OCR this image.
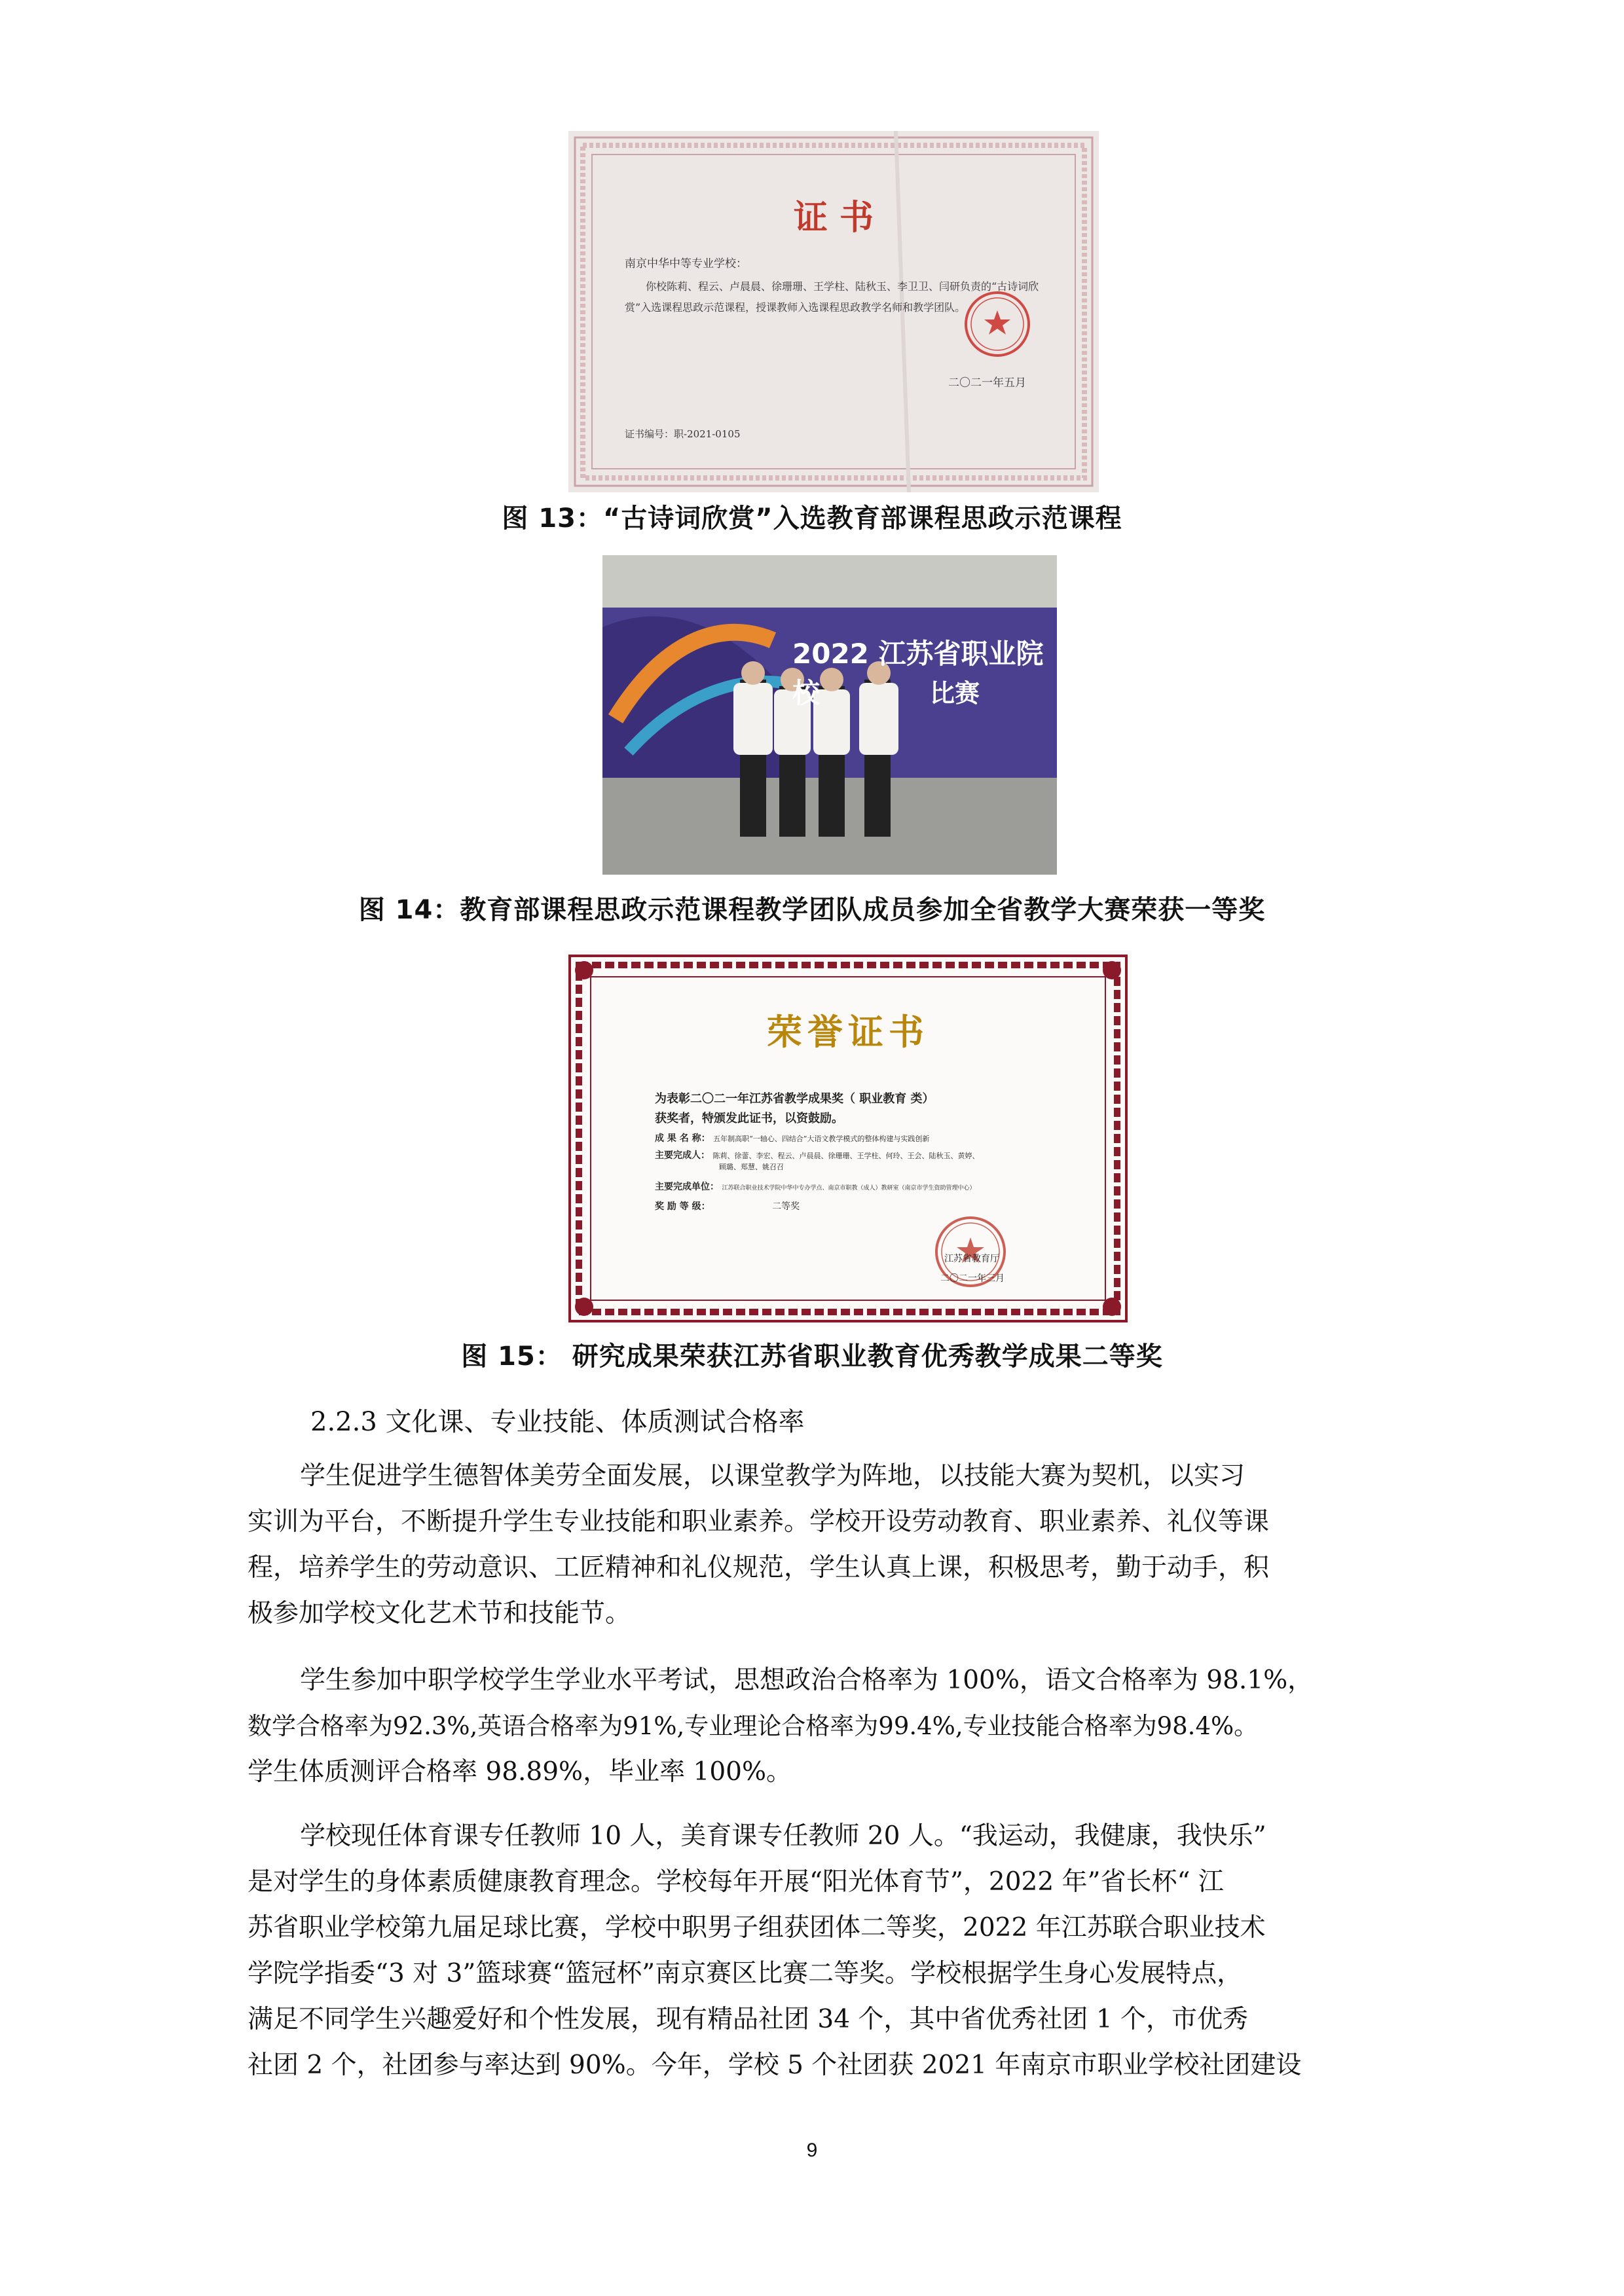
证 书
南京中华中等专业学校：
你校陈莉、程云、卢晨晨、徐珊珊、王学柱、陆秋玉、李卫卫、闫研负责的“古诗词欣赏”入选课程思政示范课程，授课教师入选课程思政教学名师和教学团队。
二〇二一年五月
证书编号：职-2021-0105
图 13：“古诗词欣赏”入选教育部课程思政示范课程
2022 江苏省职业院校	比赛
图 14：教育部课程思政示范课程教学团队成员参加全省教学大赛荣获一等奖
荣誉证书
为表彰二〇二一年江苏省教学成果奖（ 职业教育 类）
获奖者，特颁发此证书，以资鼓励。
成 果 名 称： 五年制高职“一轴心、四结合”大语文教学模式的整体构建与实践创新
主要完成人： 陈莉、徐蕾、李宏、程云、卢晨晨、徐珊珊、王学柱、何玲、王会、陆秋玉、黄婷、
顾璐、郑慧、姚召召
主要完成单位： 江苏联合职业技术学院中华中专办学点、南京市职教（成人）教研室（南京市学生资助管理中心）
奖 励 等 级：	二等奖
江苏省教育厅
二〇二一年三月
图 15： 研究成果荣获江苏省职业教育优秀教学成果二等奖
2.2.3 文化课、专业技能、体质测试合格率
学生促进学生德智体美劳全面发展，以课堂教学为阵地，以技能大赛为契机，以实习
实训为平台，不断提升学生专业技能和职业素养。学校开设劳动教育、职业素养、礼仪等课
程，培养学生的劳动意识、工匠精神和礼仪规范，学生认真上课，积极思考，勤于动手，积
极参加学校文化艺术节和技能节。
学生参加中职学校学生学业水平考试，思想政治合格率为 100%，语文合格率为 98.1%，
数学合格率为92.3%,英语合格率为91%,专业理论合格率为99.4%,专业技能合格率为98.4%。
学生体质测评合格率 98.89%，毕业率 100%。
学校现任体育课专任教师 10 人，美育课专任教师 20 人。“我运动，我健康，我快乐”
是对学生的身体素质健康教育理念。学校每年开展“阳光体育节”，2022 年”省长杯“ 江
苏省职业学校第九届足球比赛，学校中职男子组获团体二等奖，2022 年江苏联合职业技术
学院学指委“3 对 3”篮球赛“篮冠杯”南京赛区比赛二等奖。学校根据学生身心发展特点，
满足不同学生兴趣爱好和个性发展，现有精品社团 34 个，其中省优秀社团 1 个，市优秀
社团 2 个，社团参与率达到 90%。今年，学校 5 个社团获 2021 年南京市职业学校社团建设
9
